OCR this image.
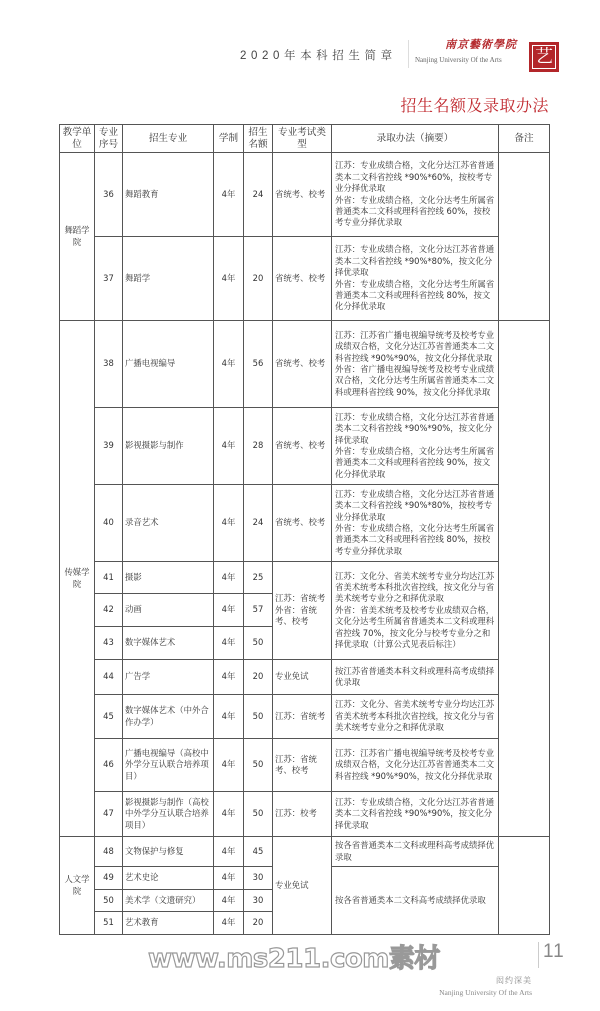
2020年本科招生简章
南京藝術學院
Nanjing University Of the Arts	艺
招生名额及录取办法
教学单位	专业序号	招生专业	学制	招生名额	专业考试类型	录取办法（摘要）	备注
舞蹈学院	36	舞蹈教育	4年	24	省统考、校考	江苏：专业成绩合格，文化分达江苏省普通类本二文科省控线 *90%*60%，按校考专业分择优录取
外省：专业成绩合格，文化分达考生所属省普通类本二文科或理科省控线 60%，按校考专业分择优录取	

	37	舞蹈学	4年	20	省统考、校考	江苏：专业成绩合格，文化分达江苏省普通类本二文科省控线 *90%*80%，按文化分择优录取
外省：专业成绩合格，文化分达考生所属省普通类本二文科或理科省控线 80%，按文化分择优录取	

传媒学院	38	广播电视编导	4年	56	省统考、校考	江苏：江苏省广播电视编导统考及校考专业成绩双合格，文化分达江苏省普通类本二文科省控线 *90%*90%，按文化分择优录取
外省：省广播电视编导统考及校考专业成绩双合格，文化分达考生所属省普通类本二文科或理科省控线 90%，按文化分择优录取	

	39	影视摄影与制作	4年	28	省统考、校考	江苏：专业成绩合格，文化分达江苏省普通类本二文科省控线 *90%*90%，按文化分择优录取
外省：专业成绩合格，文化分达考生所属省普通类本二文科或理科省控线 90%，按文化分择优录取	

	40	录音艺术	4年	24	省统考、校考	江苏：专业成绩合格，文化分达江苏省普通类本二文科省控线 *90%*80%，按校考专业分择优录取
外省：专业成绩合格，文化分达考生所属省普通类本二文科或理科省控线 80%，按校考专业分择优录取	

	41	摄影	4年	25	江苏：省统考 外省：省统考、校考	江苏：文化分、省美术统考专业分均达江苏省美术统考本科批次省控线，按文化分与省美术统考专业分之和择优录取
外省：省美术统考及校考专业成绩双合格，文化分达考生所属省普通类本二文科或理科省控线 70%，按文化分与校考专业分之和择优录取（计算公式见表后标注）	

	42	动画	4年	57			
	43	数字媒体艺术	4年	50			
	44	广告学	4年	20	专业免试	按江苏省普通类本科文科或理科高考成绩择优录取	

	45	数字媒体艺术（中外合作办学）	4年	50	江苏：省统考	江苏：文化分、省美术统考专业分均达江苏省美术统考本科批次省控线，按文化分与省美术统考专业分之和择优录取	

	46	广播电视编导（高校中外学分互认联合培养项目）	4年	50	江苏：省统考、校考	江苏：江苏省广播电视编导统考及校考专业成绩双合格，文化分达江苏省普通类本二文科省控线 *90%*90%，按文化分择优录取	

	47	影视摄影与制作（高校中外学分互认联合培养项目）	4年	50	江苏：校考	江苏：专业成绩合格，文化分达江苏省普通类本二文科省控线 *90%*90%，按文化分择优录取	

人文学院	48	文物保护与修复	4年	45	专业免试	按各省普通类本二文科或理科高考成绩择优录取	

	49	艺术史论	4年	30		按各省普通类本二文科高考成绩择优录取	

	50	美术学（文遗研究）	4年	30			
	51	艺术教育	4年	20			
www.ms211.com素材
闳约深美
Nanjing University Of the Arts
11
